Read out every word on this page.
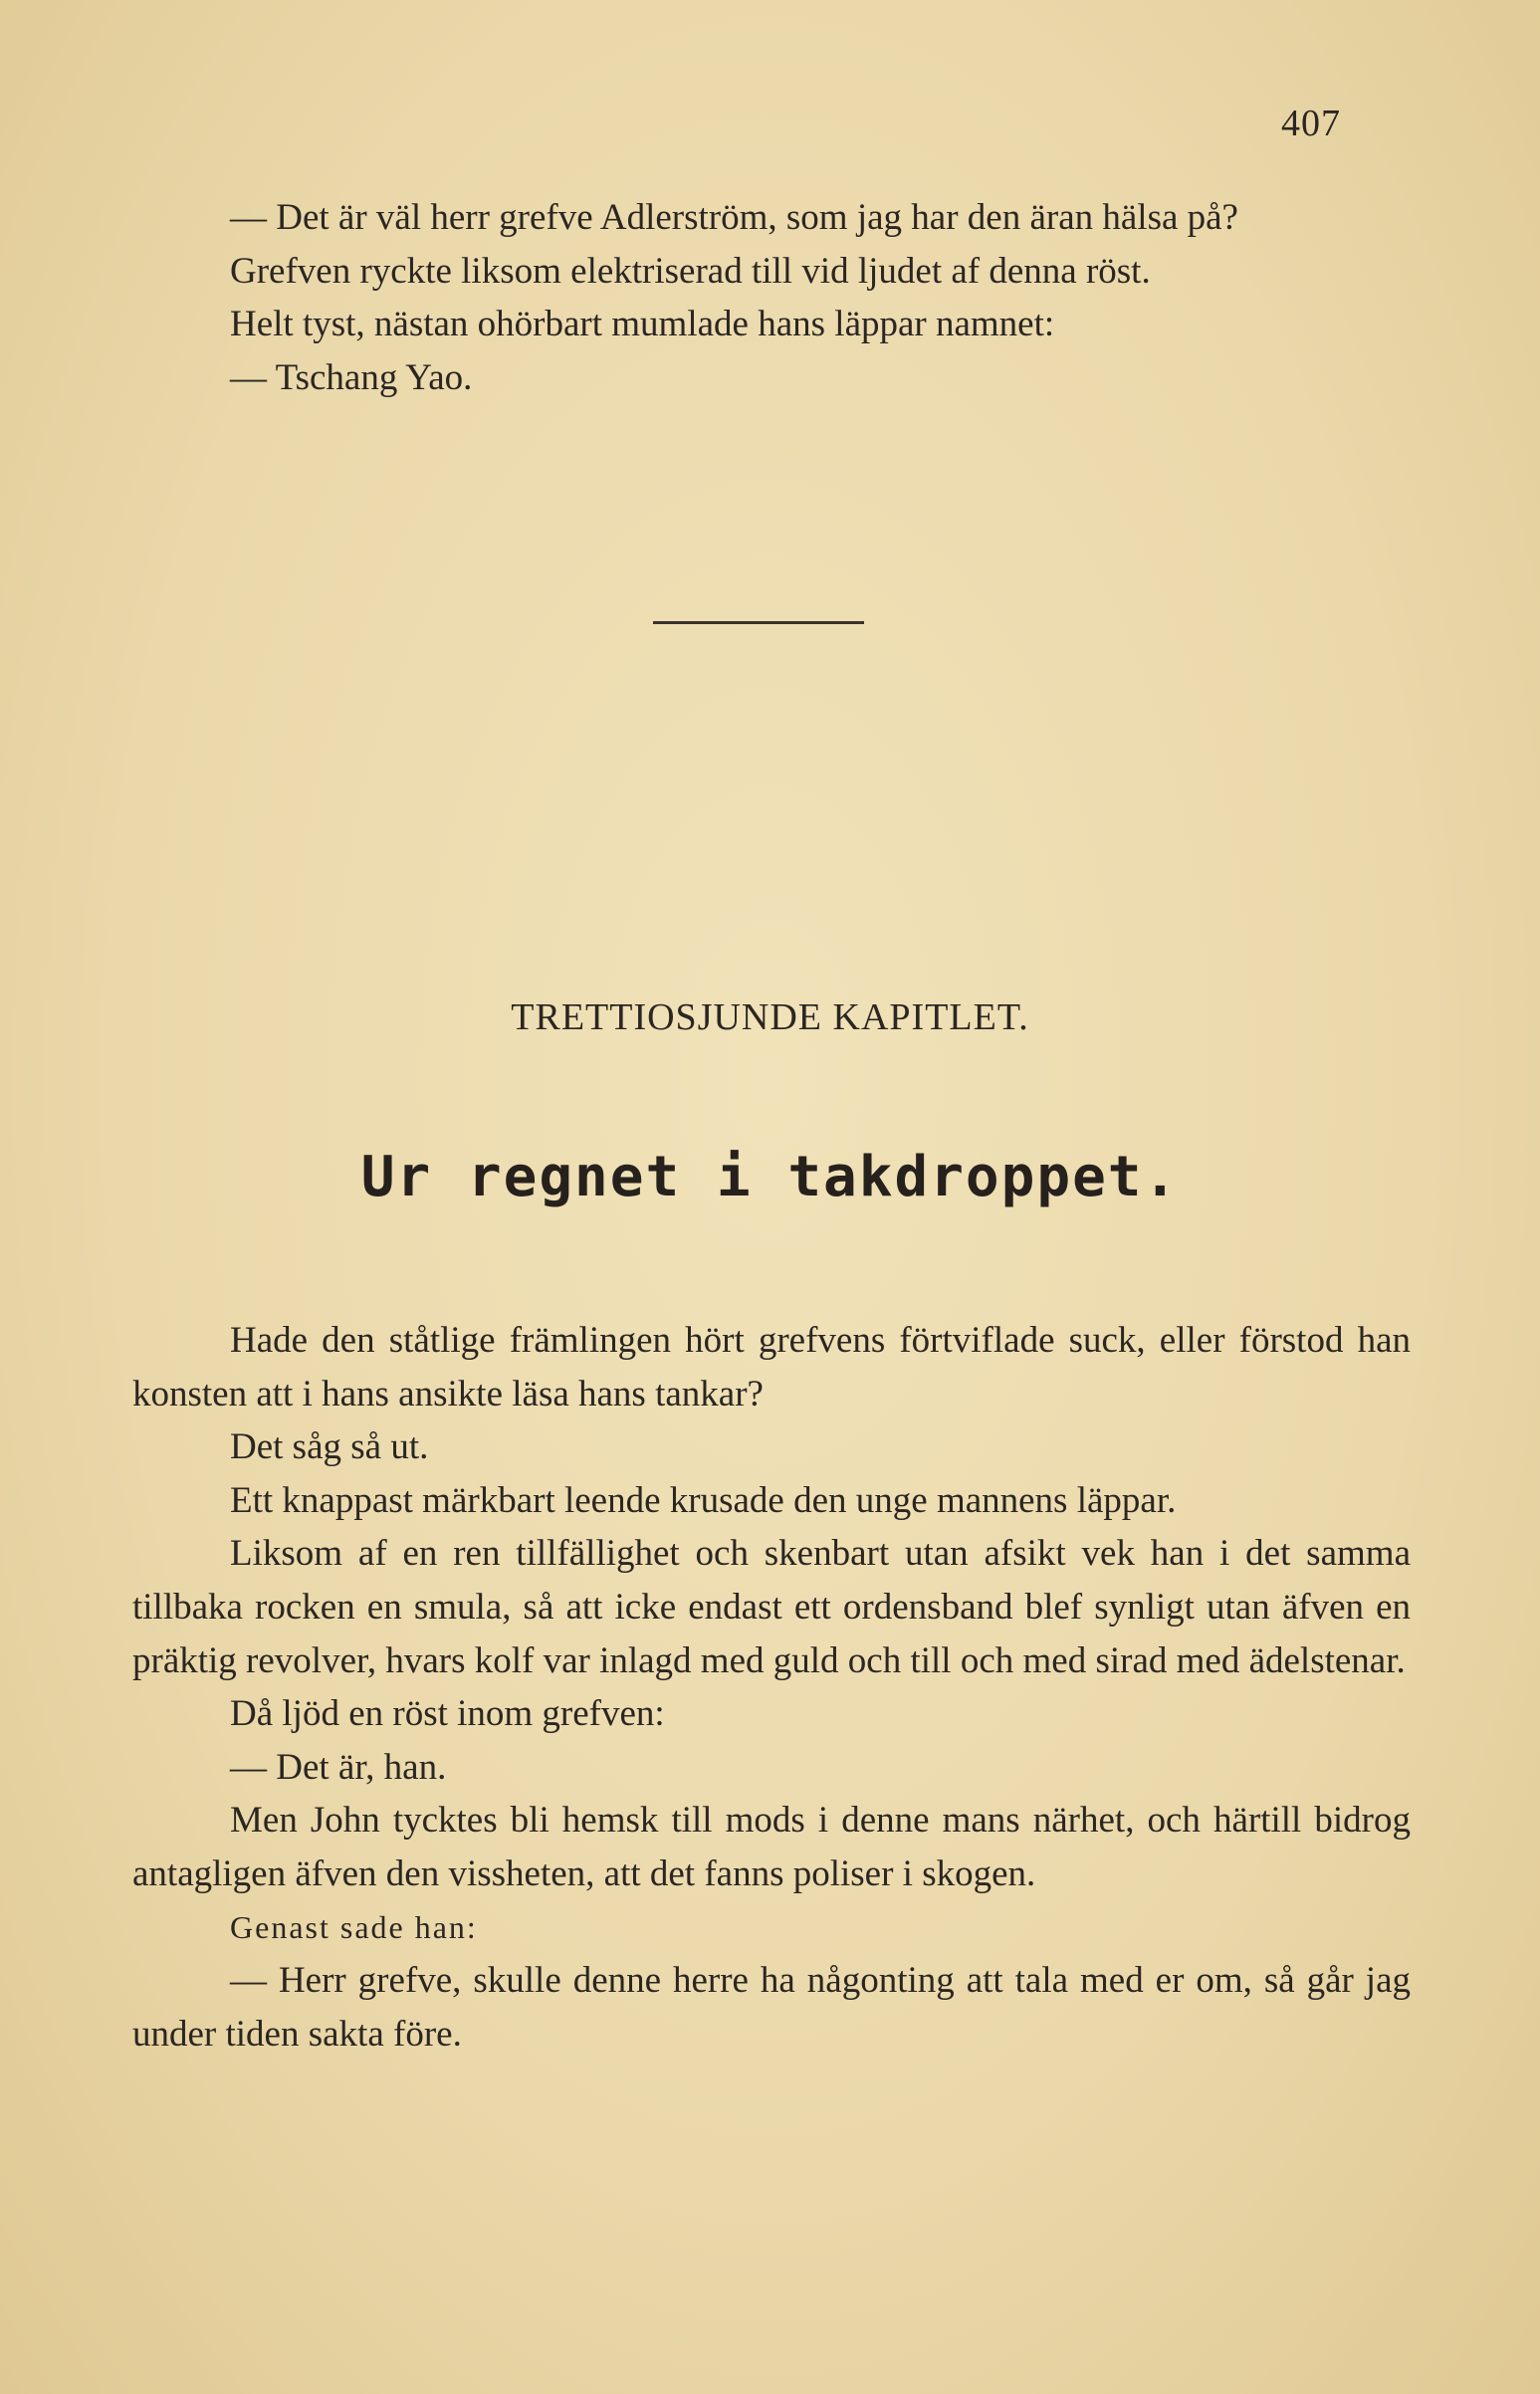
407

— Det är väl herr grefve Adlerström, som jag har den äran hälsa på?

Grefven ryckte liksom elektriserad till vid ljudet af denna röst.

Helt tyst, nästan ohörbart mumlade hans läppar namnet:

— Tschang Yao.

TRETTIOSJUNDE KAPITLET.
Ur regnet i takdroppet.

Hade den ståtlige främlingen hört grefvens förtviflade suck, eller förstod han konsten att i hans ansikte läsa hans tankar?

Det såg så ut.

Ett knappast märkbart leende krusade den unge mannens läppar.

Liksom af en ren tillfällighet och skenbart utan afsikt vek han i det samma tillbaka rocken en smula, så att icke endast ett ordensband blef synligt utan äfven en präktig revolver, hvars kolf var inlagd med guld och till och med sirad med ädelstenar.

Då ljöd en röst inom grefven:

— Det är, han.

Men John tycktes bli hemsk till mods i denne mans närhet, och härtill bidrog antagligen äfven den vissheten, att det fanns poliser i skogen.

Genast sade han:

— Herr grefve, skulle denne herre ha någonting att tala med er om, så går jag under tiden sakta före.
